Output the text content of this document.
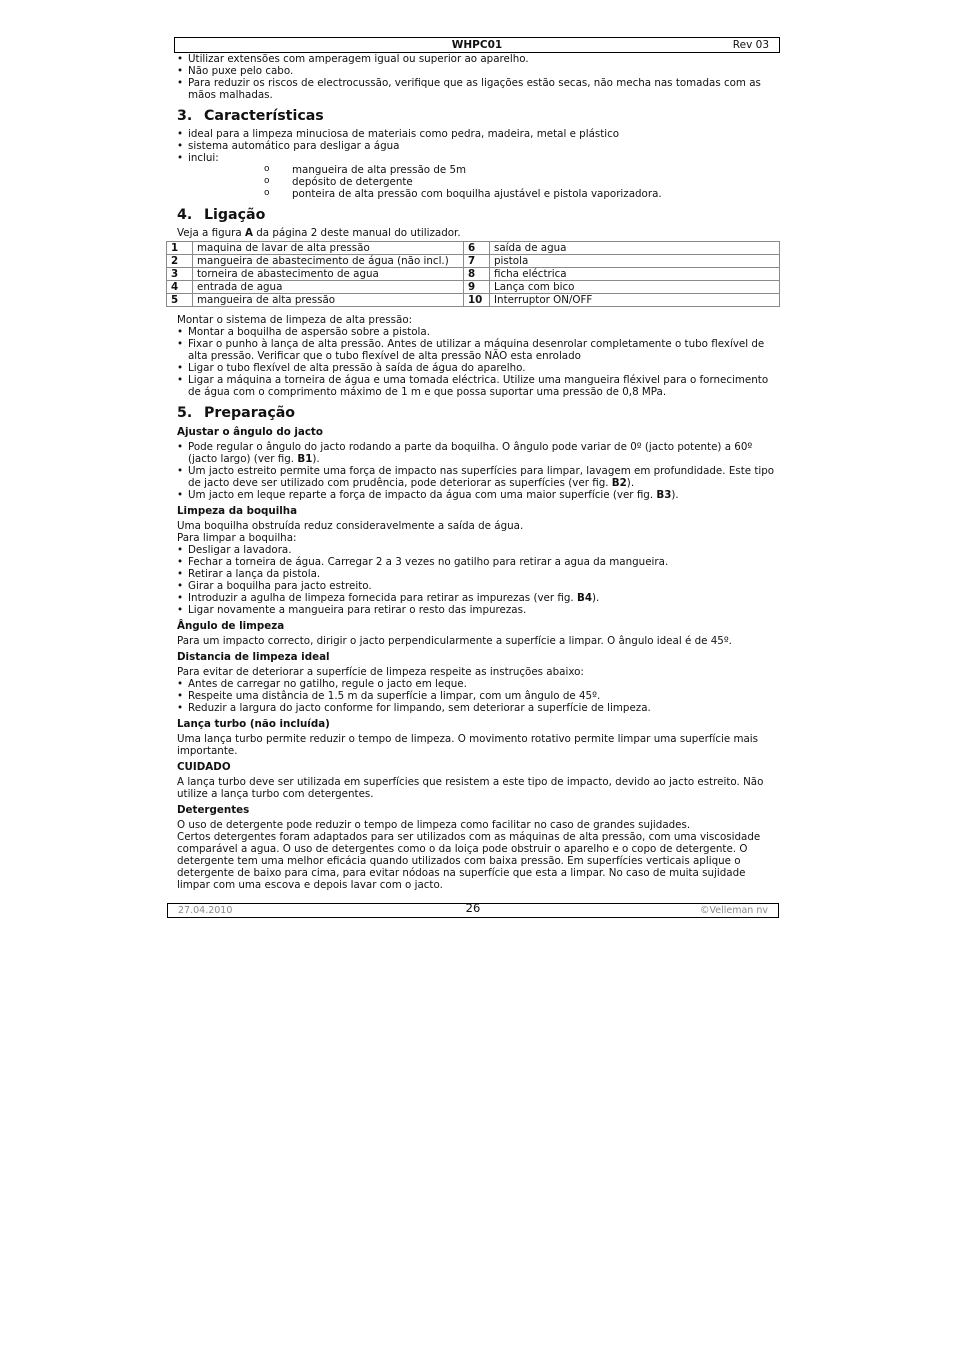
WHPC01	Rev 03
• Utilizar extensões com amperagem igual ou superior ao aparelho.
• Não puxe pelo cabo.
• Para reduzir os riscos de electrocussão, verifique que as ligações estão secas, não mecha nas tomadas com as mãos malhadas.
3. Características
• ideal para a limpeza minuciosa de materiais como pedra, madeira, metal e plástico
• sistema automático para desligar a água
• inclui:
o mangueira de alta pressão de 5m
o depósito de detergente
o ponteira de alta pressão com boquilha ajustável e pistola vaporizadora.
4. Ligação

Veja a figura A da página 2 deste manual do utilizador.

1	maquina de lavar de alta pressão	6	saída de agua
2	mangueira de abastecimento de água (não incl.)	7	pistola
3	torneira de abastecimento de agua	8	ficha eléctrica
4	entrada de agua	9	Lança com bico
5	mangueira de alta pressão	10	Interruptor ON/OFF

Montar o sistema de limpeza de alta pressão:

• Montar a boquilha de aspersão sobre a pistola.
• Fixar o punho à lança de alta pressão. Antes de utilizar a máquina desenrolar completamente o tubo flexível de alta pressão. Verificar que o tubo flexível de alta pressão NÃO esta enrolado
• Ligar o tubo flexível de alta pressão à saída de água do aparelho.
• Ligar a máquina a torneira de água e uma tomada eléctrica. Utilize uma mangueira fléxivel para o fornecimento de água com o comprimento máximo de 1 m e que possa suportar uma pressão de 0,8 MPa.
5. Preparação
Ajustar o ângulo do jacto
• Pode regular o ângulo do jacto rodando a parte da boquilha. O ângulo pode variar de 0º (jacto potente) a 60º (jacto largo) (ver fig. B1).
• Um jacto estreito permite uma força de impacto nas superfícies para limpar, lavagem em profundidade. Este tipo de jacto deve ser utilizado com prudência, pode deteriorar as superfícies (ver fig. B2).
• Um jacto em leque reparte a força de impacto da água com uma maior superfície (ver fig. B3).
Limpeza da boquilha

Uma boquilha obstruída reduz consideravelmente a saída de água.

Para limpar a boquilha:

• Desligar a lavadora.
• Fechar a torneira de água. Carregar 2 a 3 vezes no gatilho para retirar a agua da mangueira.
• Retirar a lança da pistola.
• Girar a boquilha para jacto estreito.
• Introduzir a agulha de limpeza fornecida para retirar as impurezas (ver fig. B4).
• Ligar novamente a mangueira para retirar o resto das impurezas.
Ângulo de limpeza

Para um impacto correcto, dirigir o jacto perpendicularmente a superfície a limpar. O ângulo ideal é de 45º.

Distancia de limpeza ideal

Para evitar de deteriorar a superfície de limpeza respeite as instruções abaixo:

• Antes de carregar no gatilho, regule o jacto em leque.
• Respeite uma distância de 1.5 m da superfície a limpar, com um ângulo de 45º.
• Reduzir a largura do jacto conforme for limpando, sem deteriorar a superfície de limpeza.
Lança turbo (não incluída)

Uma lança turbo permite reduzir o tempo de limpeza. O movimento rotativo permite limpar uma superfície mais importante.

CUIDADO

A lança turbo deve ser utilizada em superfícies que resistem a este tipo de impacto, devido ao jacto estreito. Não utilize a lança turbo com detergentes.

Detergentes

O uso de detergente pode reduzir o tempo de limpeza como facilitar no caso de grandes sujidades.

Certos detergentes foram adaptados para ser utilizados com as máquinas de alta pressão, com uma viscosidade comparável a agua. O uso de detergentes como o da loiça pode obstruir o aparelho e o copo de detergente. O detergente tem uma melhor eficácia quando utilizados com baixa pressão. Em superfícies verticais aplique o detergente de baixo para cima, para evitar nódoas na superfície que esta a limpar. No caso de muita sujidade limpar com uma escova e depois lavar com o jacto.

27.04.2010	26	©Velleman nv
